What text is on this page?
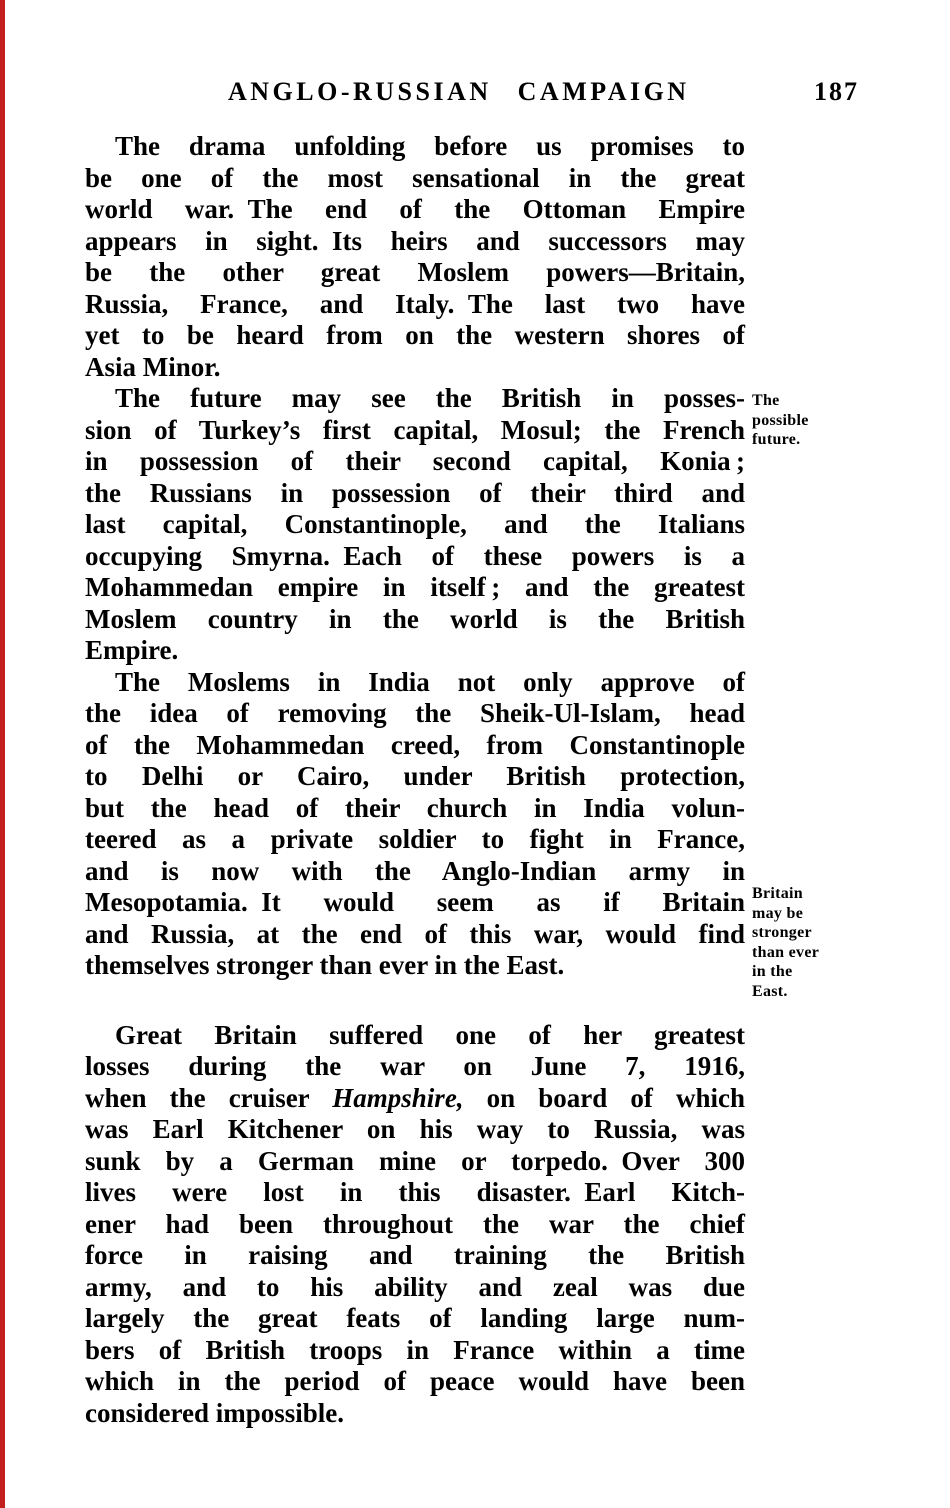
ANGLO-RUSSIAN CAMPAIGN	187
The drama unfolding before us promises to
be one of the most sensational in the great
world war. The end of the Ottoman Empire
appears in sight. Its heirs and successors may
be the other great Moslem powers—Britain,
Russia, France, and Italy. The last two have
yet to be heard from on the western shores of
Asia Minor.
The future may see the British in posses-
sion of Turkey’s first capital, Mosul; the French
in possession of their second capital, Konia ;
the Russians in possession of their third and
last capital, Constantinople, and the Italians
occupying Smyrna. Each of these powers is a
Mohammedan empire in itself ; and the greatest
Moslem country in the world is the British
Empire.
The Moslems in India not only approve of
the idea of removing the Sheik-Ul-Islam, head
of the Mohammedan creed, from Constantinople
to Delhi or Cairo, under British protection,
but the head of their church in India volun-
teered as a private soldier to fight in France,
and is now with the Anglo-Indian army in
Mesopotamia. It would seem as if Britain
and Russia, at the end of this war, would find
themselves stronger than ever in the East.
Great Britain suffered one of her greatest
losses during the war on June 7, 1916,
when the cruiser Hampshire, on board of which
was Earl Kitchener on his way to Russia, was
sunk by a German mine or torpedo. Over 300
lives were lost in this disaster. Earl Kitch-
ener had been throughout the war the chief
force in raising and training the British
army, and to his ability and zeal was due
largely the great feats of landing large num-
bers of British troops in France within a time
which in the period of peace would have been
considered impossible.
The
possible
future.
Britain
may be
stronger
than ever
in the
East.
